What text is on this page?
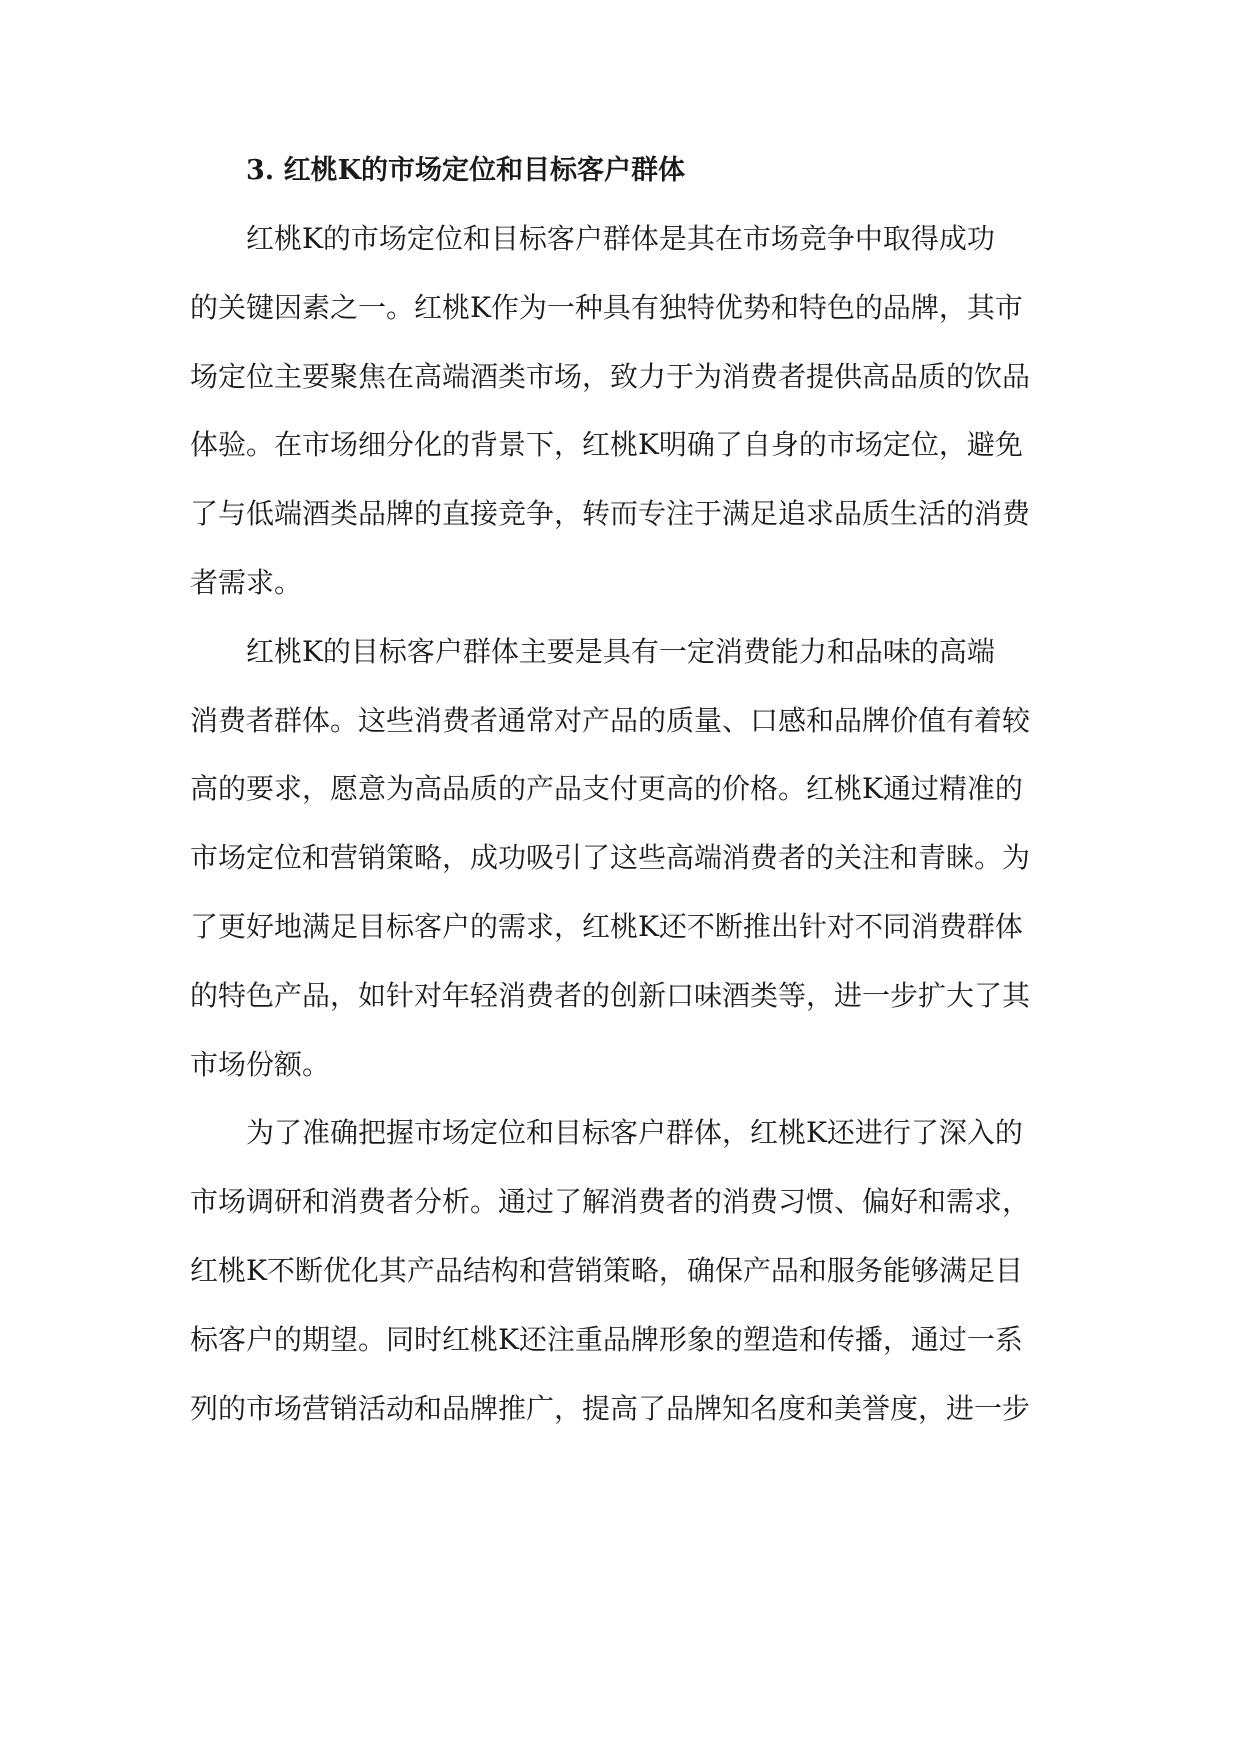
3. 红桃K的市场定位和目标客户群体
红桃K的市场定位和目标客户群体是其在市场竞争中取得成功
的关键因素之一。红桃K作为一种具有独特优势和特色的品牌，其市
场定位主要聚焦在高端酒类市场，致力于为消费者提供高品质的饮品
体验。在市场细分化的背景下，红桃K明确了自身的市场定位，避免
了与低端酒类品牌的直接竞争，转而专注于满足追求品质生活的消费
者需求。
红桃K的目标客户群体主要是具有一定消费能力和品味的高端
消费者群体。这些消费者通常对产品的质量、口感和品牌价值有着较
高的要求，愿意为高品质的产品支付更高的价格。红桃K通过精准的
市场定位和营销策略，成功吸引了这些高端消费者的关注和青睐。为
了更好地满足目标客户的需求，红桃K还不断推出针对不同消费群体
的特色产品，如针对年轻消费者的创新口味酒类等，进一步扩大了其
市场份额。
为了准确把握市场定位和目标客户群体，红桃K还进行了深入的
市场调研和消费者分析。通过了解消费者的消费习惯、偏好和需求，
红桃K不断优化其产品结构和营销策略，确保产品和服务能够满足目
标客户的期望。同时红桃K还注重品牌形象的塑造和传播，通过一系
列的市场营销活动和品牌推广，提高了品牌知名度和美誉度，进一步
